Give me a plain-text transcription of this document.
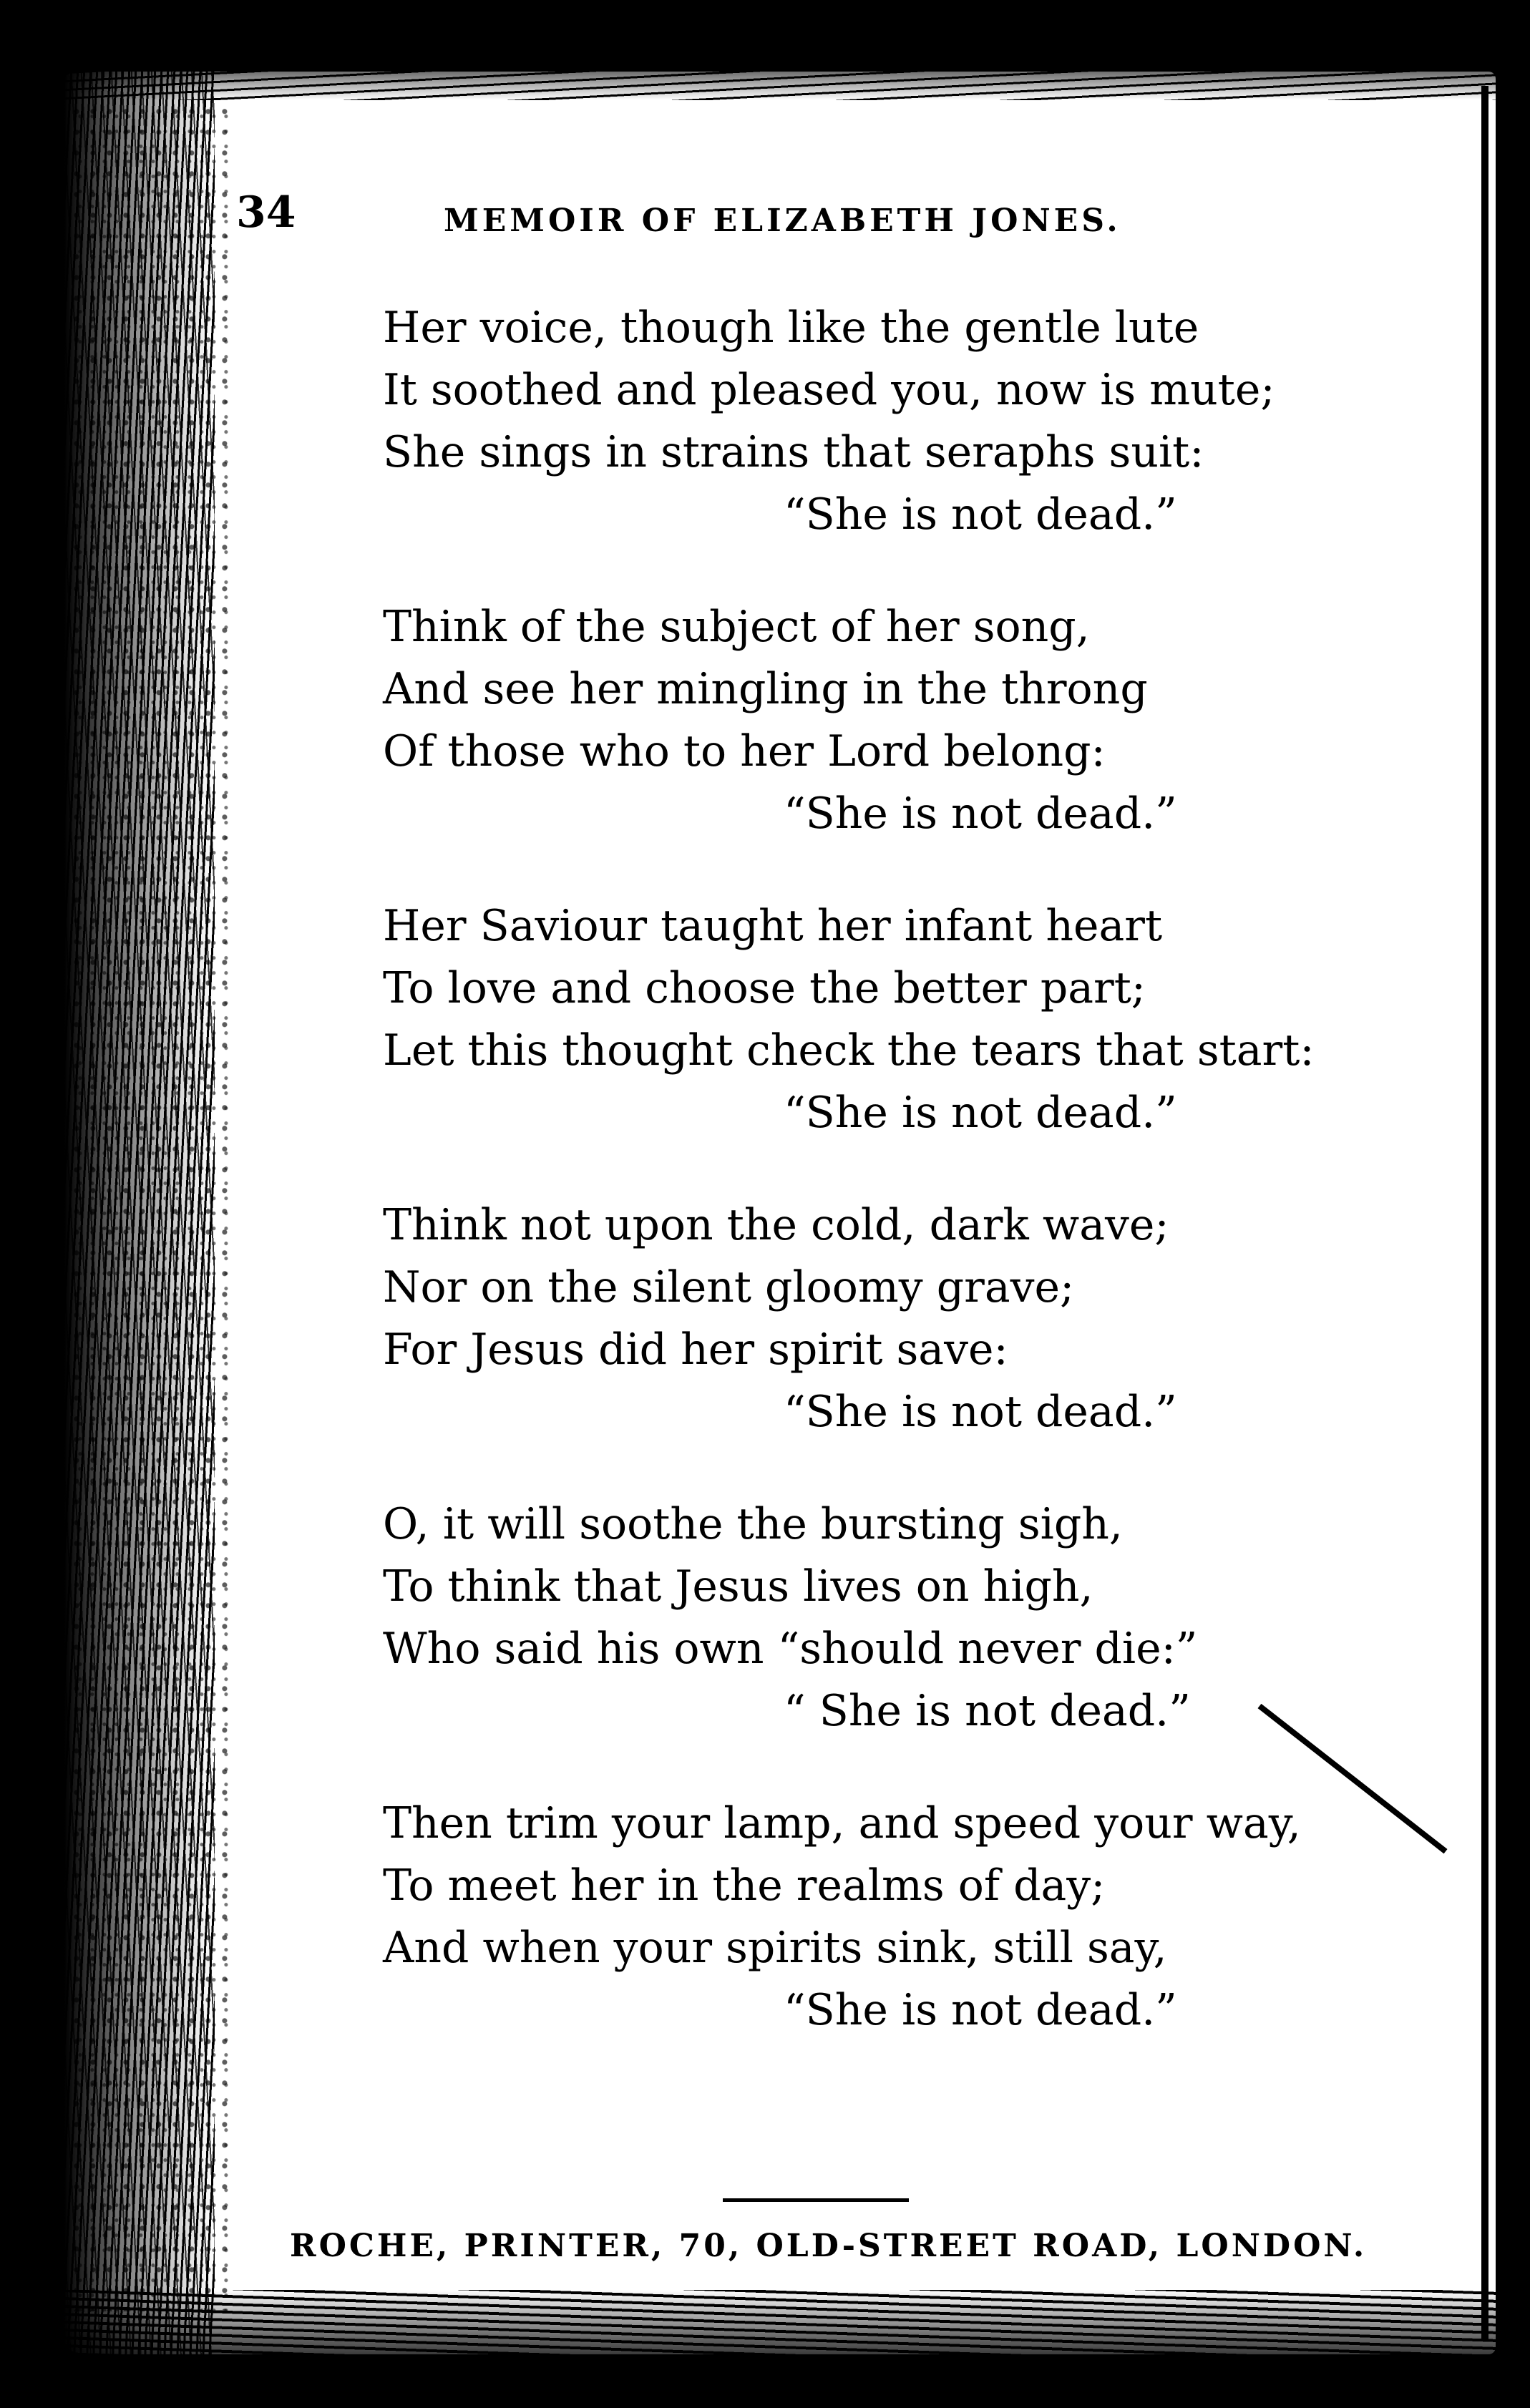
34	MEMOIR OF ELIZABETH JONES.
Her voice, though like the gentle lute
It soothed and pleased you, now is mute;
She sings in strains that seraphs suit:
“She is not dead.”
Think of the subject of her song,
And see her mingling in the throng
Of those who to her Lord belong:
“She is not dead.”
Her Saviour taught her infant heart
To love and choose the better part;
Let this thought check the tears that start:
“She is not dead.”
Think not upon the cold, dark wave;
Nor on the silent gloomy grave;
For Jesus did her spirit save:
“She is not dead.”
O, it will soothe the bursting sigh,
To think that Jesus lives on high,
Who said his own “should never die:”
“ She is not dead.”
Then trim your lamp, and speed your way,
To meet her in the realms of day;
And when your spirits sink, still say,
“She is not dead.”
ROCHE, PRINTER, 70, OLD-STREET ROAD, LONDON.
